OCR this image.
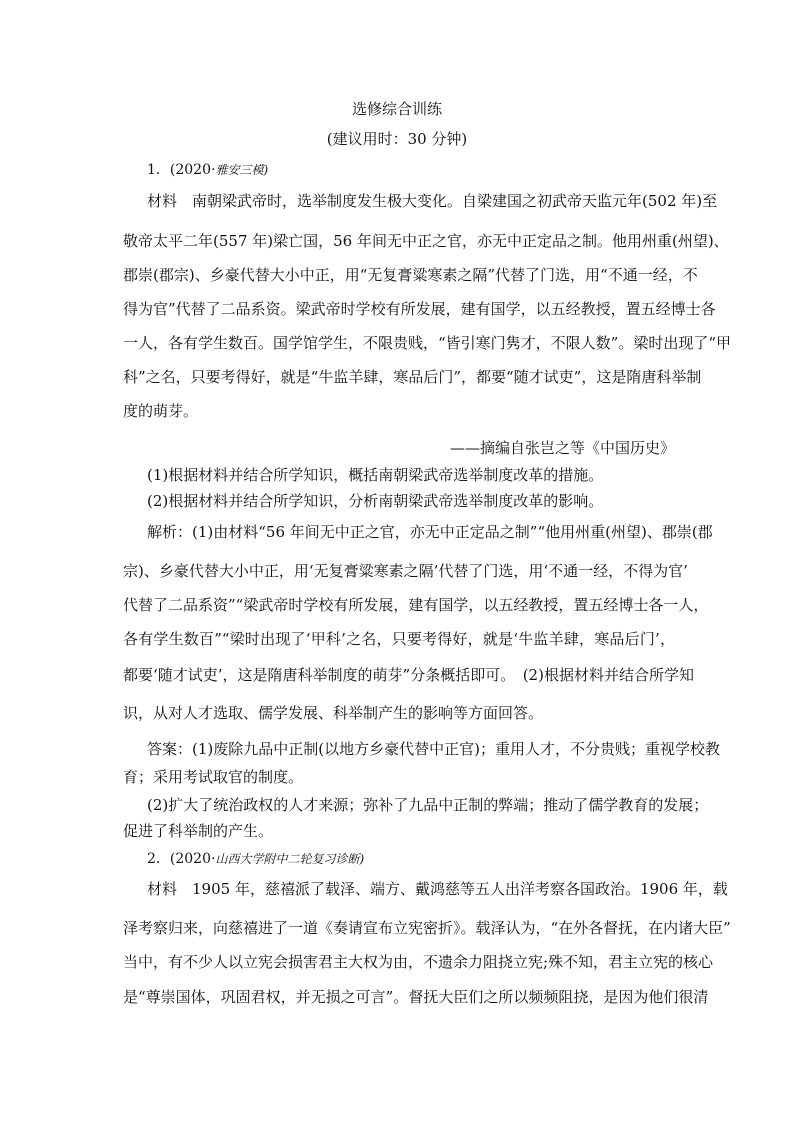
选修综合训练
(建议用时：30 分钟)
1．(2020·雅安三模)
材料　南朝梁武帝时，选举制度发生极大变化。自梁建国之初武帝天监元年(502 年)至
敬帝太平二年(557 年)梁亡国，56 年间无中正之官，亦无中正定品之制。他用州重(州望)、
郡崇(郡宗)、乡豪代替大小中正，用“无复膏粱寒素之隔”代替了门选，用“不通一经，不
得为官”代替了二品系资。梁武帝时学校有所发展，建有国学，以五经教授，置五经博士各
一人，各有学生数百。国学馆学生，不限贵贱，“皆引寒门隽才，不限人数”。梁时出现了“甲
科”之名，只要考得好，就是“牛监羊肆，寒品后门”，都要“随才试吏”，这是隋唐科举制
度的萌芽。
——摘编自张岂之等《中国历史》
(1)根据材料并结合所学知识，概括南朝梁武帝选举制度改革的措施。
(2)根据材料并结合所学知识，分析南朝梁武帝选举制度改革的影响。
解析：(1)由材料“56 年间无中正之官，亦无中正定品之制”“他用州重(州望)、郡崇(郡
宗)、乡豪代替大小中正，用‘无复膏粱寒素之隔’代替了门选，用‘不通一经，不得为官’
代替了二品系资”“梁武帝时学校有所发展，建有国学，以五经教授，置五经博士各一人，
各有学生数百”“梁时出现了‘甲科’之名，只要考得好，就是‘牛监羊肆，寒品后门’，
都要‘随才试吏’，这是隋唐科举制度的萌芽”分条概括即可。　(2)根据材料并结合所学知
识，从对人才选取、儒学发展、科举制产生的影响等方面回答。
答案：(1)废除九品中正制(以地方乡豪代替中正官)；重用人才，不分贵贱；重视学校教
育；采用考试取官的制度。
(2)扩大了统治政权的人才来源；弥补了九品中正制的弊端；推动了儒学教育的发展；
促进了科举制的产生。
2．(2020·山西大学附中二轮复习诊断)
材料　1905 年，慈禧派了载泽、端方、戴鸿慈等五人出洋考察各国政治。1906 年，载
泽考察归来，向慈禧进了一道《奏请宣布立宪密折》。载泽认为，“在外各督抚，在内诸大臣”
当中，有不少人以立宪会损害君主大权为由，不遗余力阻挠立宪;殊不知，君主立宪的核心
是“尊崇国体，巩固君权，并无损之可言”。督抚大臣们之所以频频阻挠，是因为他们很清
